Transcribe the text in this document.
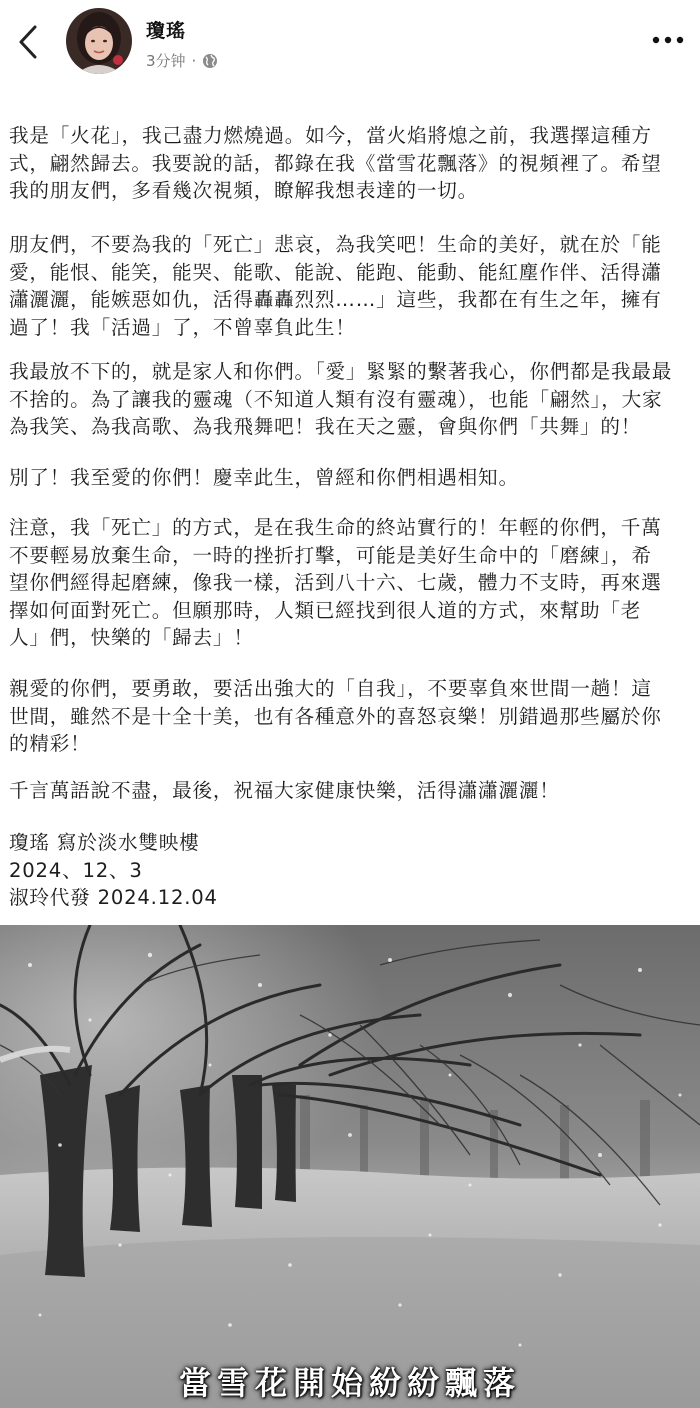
瓊瑤
3分钟 ·

我是「火花」，我己盡力燃燒過。如今，當火焰將熄之前，我選擇這種方
式，翩然歸去。我要說的話，都錄在我《當雪花飄落》的視頻裡了。希望
我的朋友們，多看幾次視頻，瞭解我想表達的一切。

朋友們，不要為我的「死亡」悲哀，為我笑吧！生命的美好，就在於「能
愛，能恨、能笑，能哭、能歌、能說、能跑、能動、能紅塵作伴、活得瀟
瀟灑灑，能嫉惡如仇，活得轟轟烈烈……」這些，我都在有生之年，擁有
過了！我「活過」了，不曾辜負此生！

我最放不下的，就是家人和你們。「愛」緊緊的繫著我心，你們都是我最最
不捨的。為了讓我的靈魂（不知道人類有沒有靈魂），也能「翩然」，大家
為我笑、為我高歌、為我飛舞吧！我在天之靈，會與你們「共舞」的！

別了！我至愛的你們！慶幸此生，曾經和你們相遇相知。

注意，我「死亡」的方式，是在我生命的終站實行的！年輕的你們，千萬
不要輕易放棄生命，一時的挫折打擊，可能是美好生命中的「磨練」，希
望你們經得起磨練，像我一樣，活到八十六、七歲，體力不支時，再來選
擇如何面對死亡。但願那時，人類已經找到很人道的方式，來幫助「老
人」們，快樂的「歸去」！

親愛的你們，要勇敢，要活出強大的「自我」，不要辜負來世間一趟！這
世間，雖然不是十全十美，也有各種意外的喜怒哀樂！別錯過那些屬於你
的精彩！

千言萬語說不盡，最後，祝福大家健康快樂，活得瀟瀟灑灑！

瓊瑤 寫於淡水雙映樓
2024、12、3
淑玲代發 2024.12.04

當雪花開始紛紛飄落
